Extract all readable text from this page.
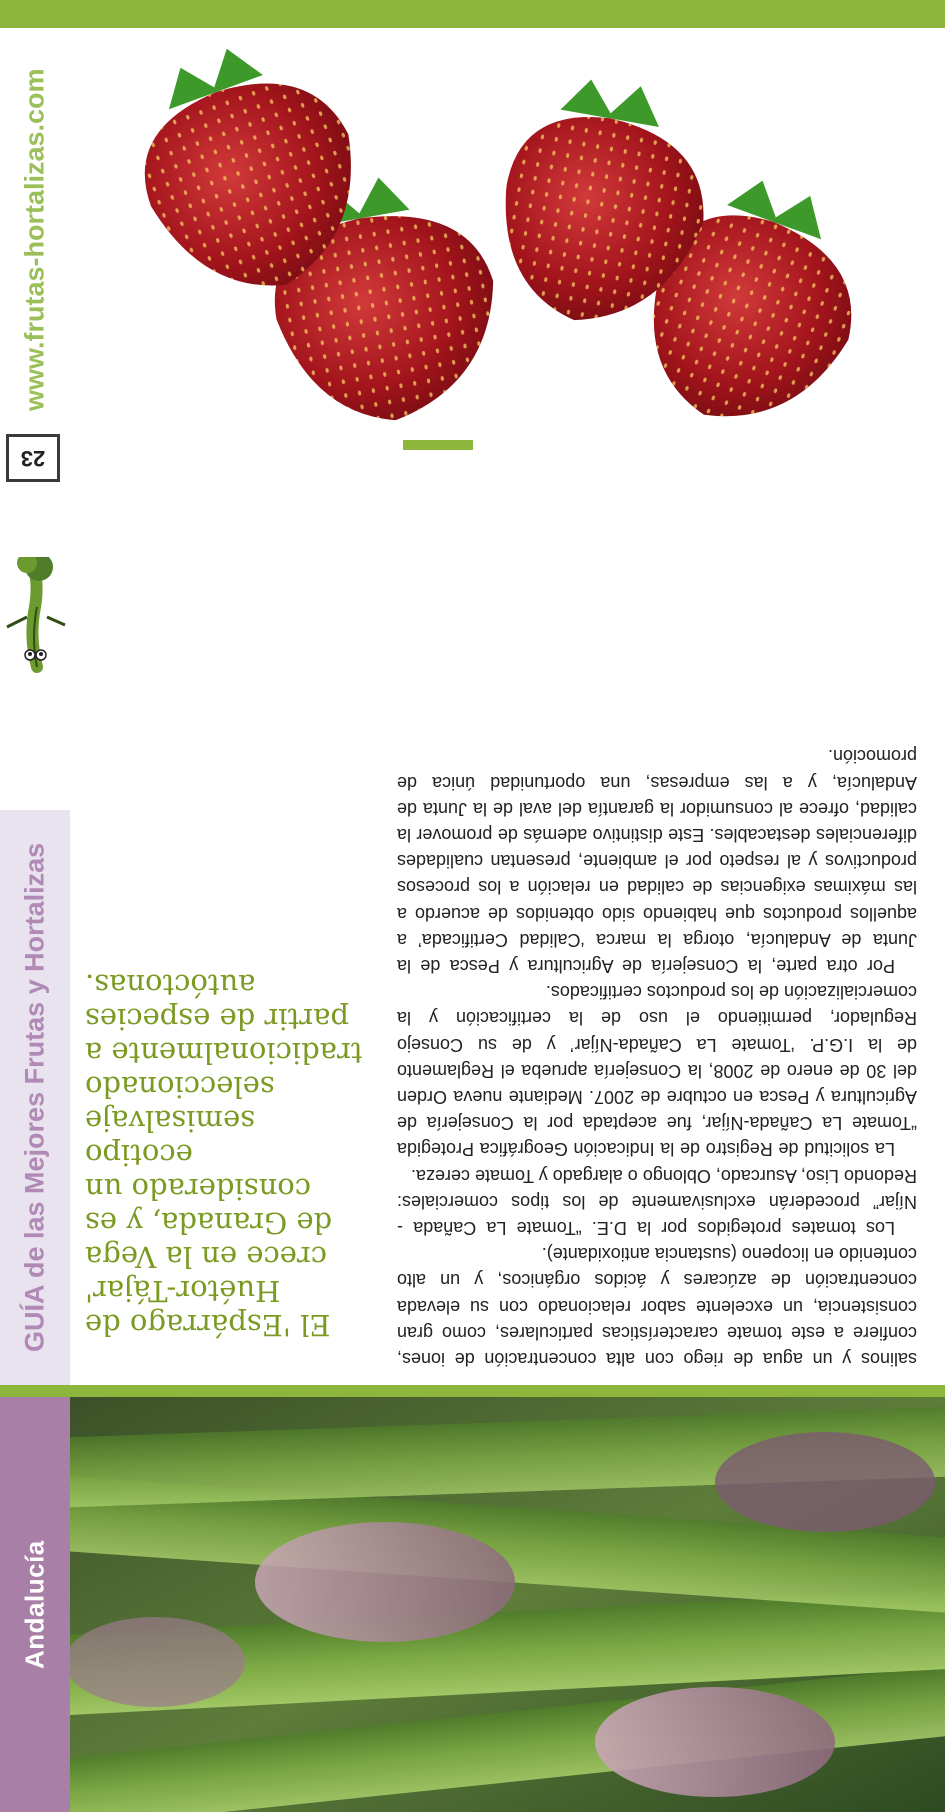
Andalucía
GUÍA de las Mejores Frutas y Hortalizas
23
www.frutas-hortalizas.com

El 'Espárrago de Huétor-Tájar' crece en la Vega de Granada, y es considerado un ecotipo semisalvaje seleccionado tradicionalmente a partir de especies autóctonas.

salinos y un agua de riego con alta concentración de iones, confiere a este tomate características particulares, como gran consistencia, un excelente sabor relacionado con su elevada concentración de azúcares y ácidos orgánicos, y un alto contenido en licopeno (sustancia antioxidante).

Los tomates protegidos por la D.E. “Tomate La Cañada - Níjar” procederán exclusivamente de los tipos comerciales: Redondo Liso, Asurcado, Oblongo o alargado y Tomate cereza.

La solicitud de Registro de la Indicación Geográfica Protegida “Tomate La Cañada-Níjar, fue aceptada por la Consejería de Agricultura y Pesca en octubre de 2007. Mediante nueva Orden del 30 de enero de 2008, la Consejería aprueba el Reglamento de la I.G.P. ‘Tomate La Cañada-Níjar’ y de su Consejo Regulador, permitiendo el uso de la certificación y la comercialización de los productos certificados.

Por otra parte, la Consejería de Agricultura y Pesca de la Junta de Andalucía, otorga la marca ‘Calidad Certificada’ a aquellos productos que habiendo sido obtenidos de acuerdo a las máximas exigencias de calidad en relación a los procesos productivos y al respeto por el ambiente, presentan cualidades diferenciales destacables. Este distintivo además de promover la calidad, ofrece al consumidor la garantía del aval de la Junta de Andalucía, y a las empresas, una oportunidad única de promoción.
